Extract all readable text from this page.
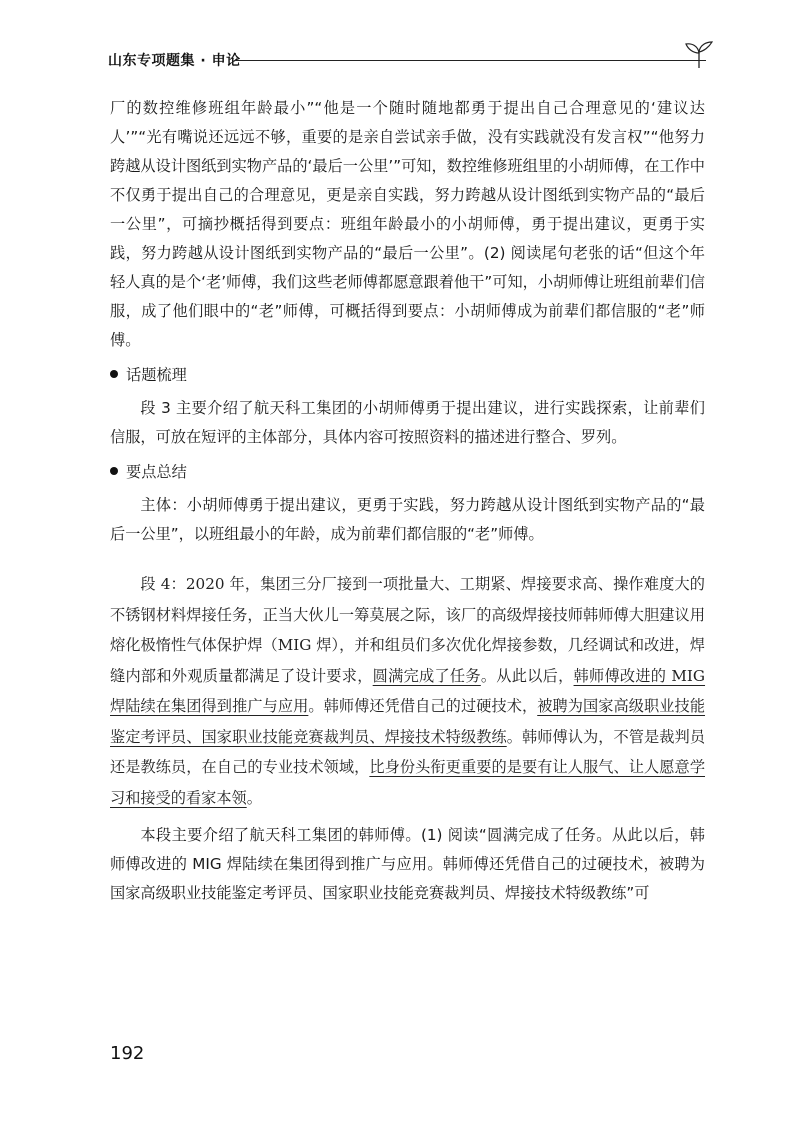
山东专项题集 · 申论

厂的数控维修班组年龄最小”“他是一个随时随地都勇于提出自己合理意见的‘建议达人’”“光有嘴说还远远不够，重要的是亲自尝试亲手做，没有实践就没有发言权”“他努力跨越从设计图纸到实物产品的‘最后一公里’”可知，数控维修班组里的小胡师傅，在工作中不仅勇于提出自己的合理意见，更是亲自实践，努力跨越从设计图纸到实物产品的“最后一公里”，可摘抄概括得到要点：班组年龄最小的小胡师傅，勇于提出建议，更勇于实践，努力跨越从设计图纸到实物产品的“最后一公里”。(2) 阅读尾句老张的话“但这个年轻人真的是个‘老’师傅，我们这些老师傅都愿意跟着他干”可知，小胡师傅让班组前辈们信服，成了他们眼中的“老”师傅，可概括得到要点：小胡师傅成为前辈们都信服的“老”师傅。

话题梳理

段 3 主要介绍了航天科工集团的小胡师傅勇于提出建议，进行实践探索，让前辈们信服，可放在短评的主体部分，具体内容可按照资料的描述进行整合、罗列。

要点总结

主体：小胡师傅勇于提出建议，更勇于实践，努力跨越从设计图纸到实物产品的“最后一公里”，以班组最小的年龄，成为前辈们都信服的“老”师傅。

段 4：2020 年，集团三分厂接到一项批量大、工期紧、焊接要求高、操作难度大的不锈钢材料焊接任务，正当大伙儿一筹莫展之际，该厂的高级焊接技师韩师傅大胆建议用熔化极惰性气体保护焊（MIG 焊），并和组员们多次优化焊接参数，几经调试和改进，焊缝内部和外观质量都满足了设计要求，圆满完成了任务。从此以后，韩师傅改进的 MIG 焊陆续在集团得到推广与应用。韩师傅还凭借自己的过硬技术，被聘为国家高级职业技能鉴定考评员、国家职业技能竞赛裁判员、焊接技术特级教练。韩师傅认为，不管是裁判员还是教练员，在自己的专业技术领域，比身份头衔更重要的是要有让人服气、让人愿意学习和接受的看家本领。

本段主要介绍了航天科工集团的韩师傅。(1) 阅读“圆满完成了任务。从此以后，韩师傅改进的 MIG 焊陆续在集团得到推广与应用。韩师傅还凭借自己的过硬技术，被聘为国家高级职业技能鉴定考评员、国家职业技能竞赛裁判员、焊接技术特级教练”可

192
